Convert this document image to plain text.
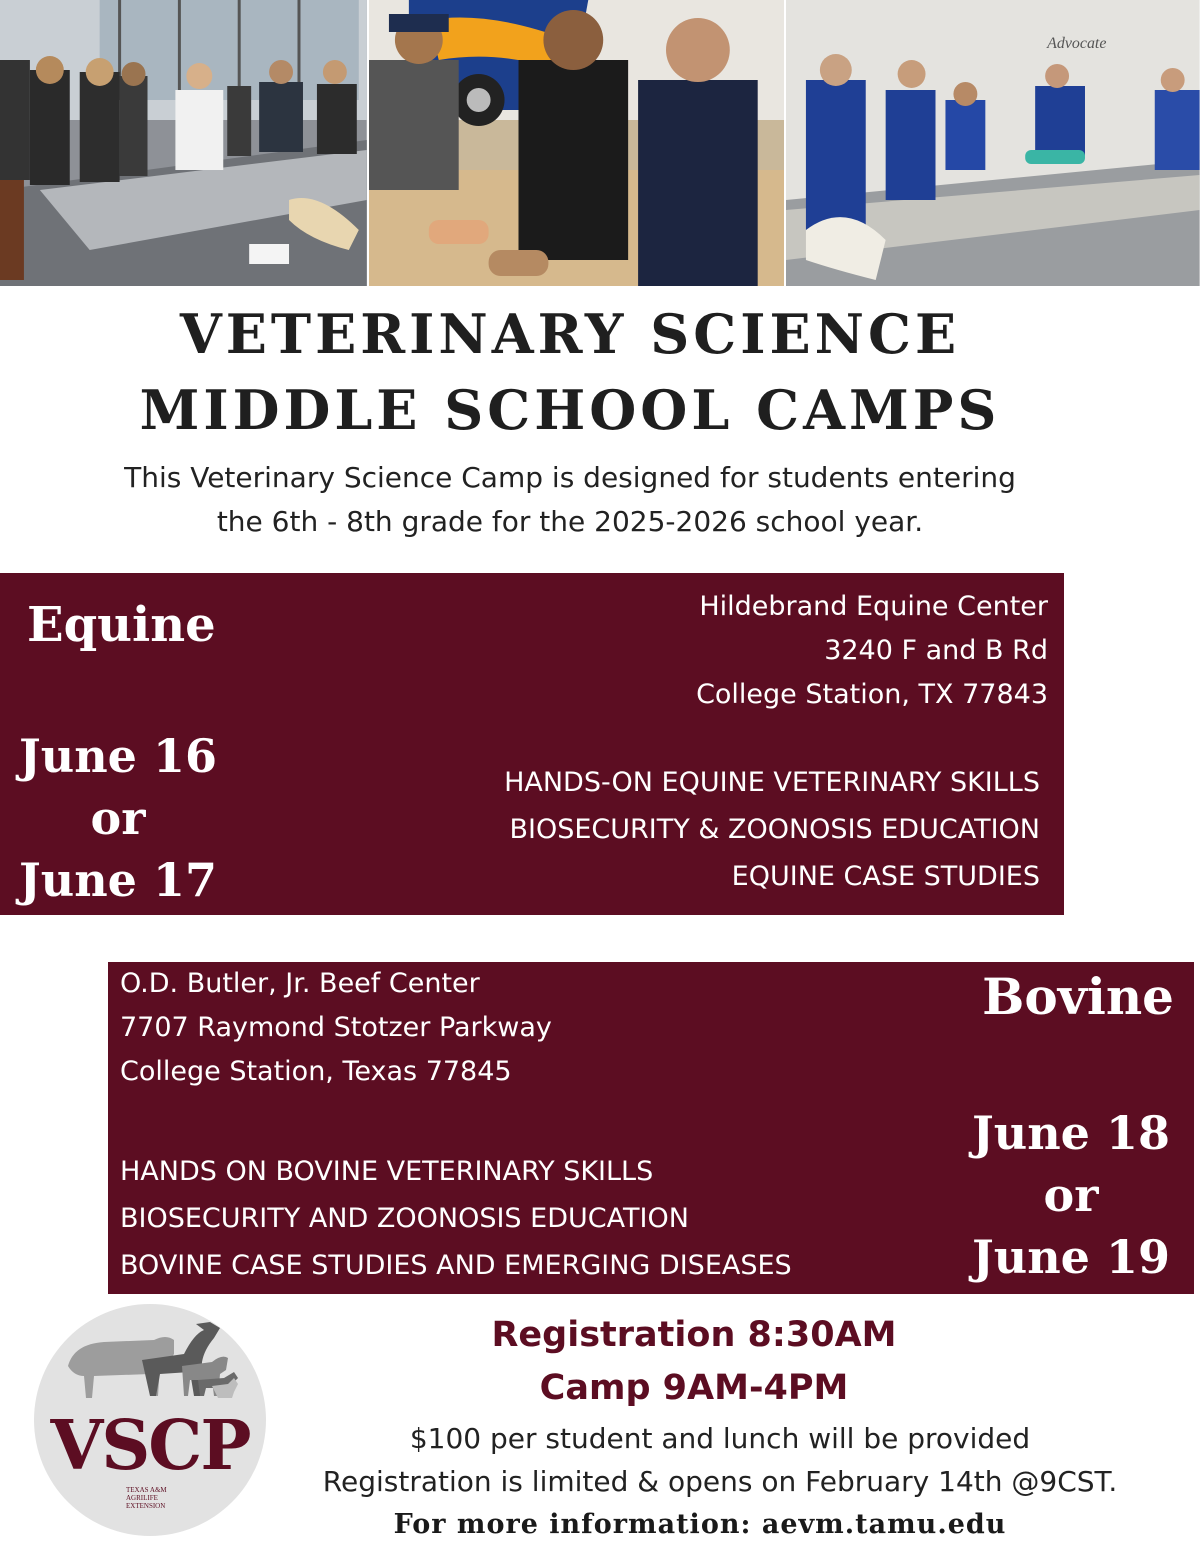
Advocate
VETERINARY SCIENCE
MIDDLE SCHOOL CAMPS
This Veterinary Science Camp is designed for students entering
the 6th - 8th grade for the 2025-2026 school year.
Equine
June 16
or
June 17
Hildebrand Equine Center
3240 F and B Rd
College Station, TX 77843
HANDS-ON EQUINE VETERINARY SKILLS
BIOSECURITY & ZOONOSIS EDUCATION
EQUINE CASE STUDIES
Bovine
June 18
or
June 19
O.D. Butler, Jr. Beef Center
7707 Raymond Stotzer Parkway
College Station, Texas 77845
HANDS ON BOVINE VETERINARY SKILLS
BIOSECURITY AND ZOONOSIS EDUCATION
BOVINE CASE STUDIES AND EMERGING DISEASES
VSCP
TEXAS A&M AGRILIFE EXTENSION
Registration 8:30AM
Camp 9AM-4PM
$100 per student and lunch will be provided
Registration is limited & opens on February 14th @9CST.
For more information: aevm.tamu.edu
